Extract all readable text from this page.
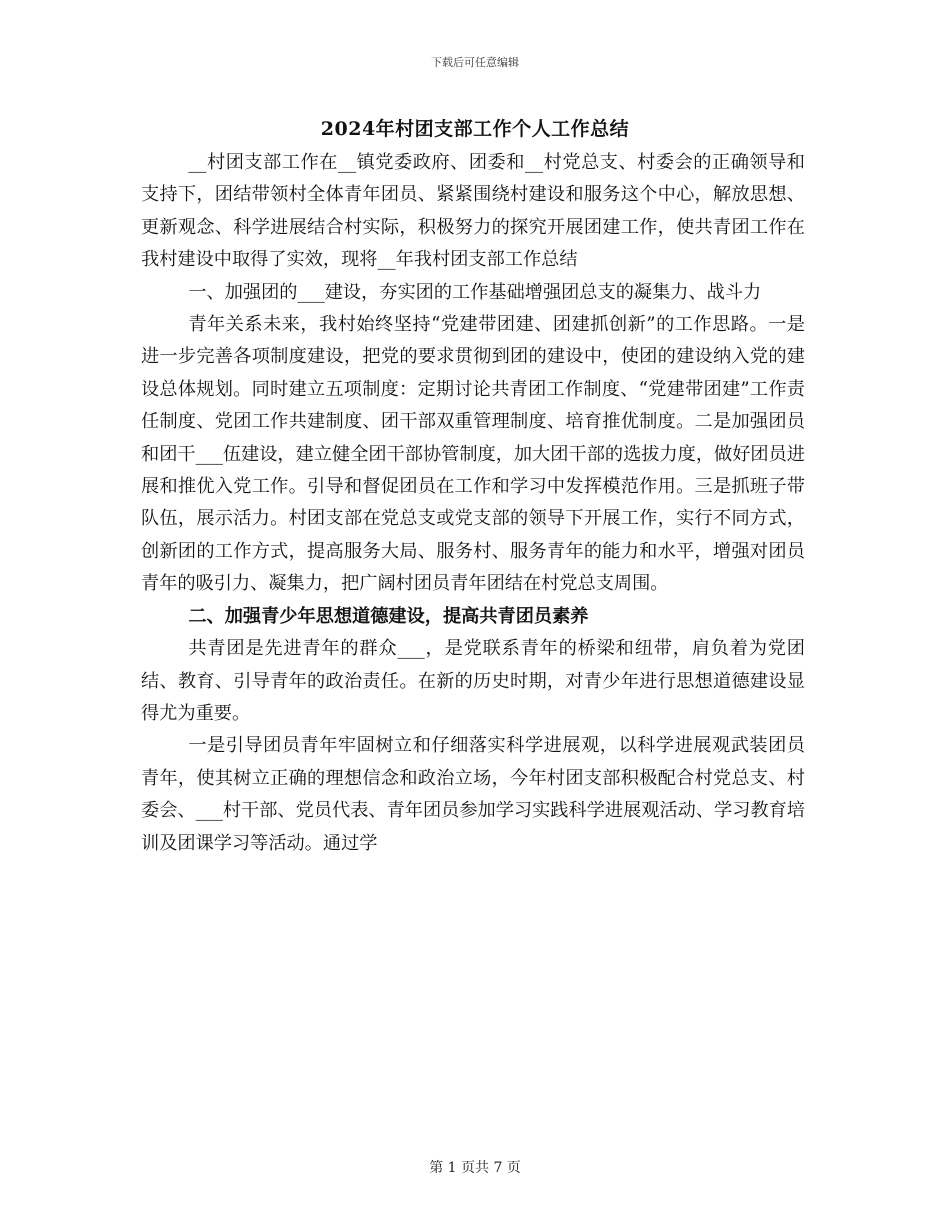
下载后可任意编辑
2024年村团支部工作个人工作总结

__村团支部工作在__镇党委政府、团委和__村党总支、村委会的正确领导和支持下，团结带领村全体青年团员、紧紧围绕村建设和服务这个中心，解放思想、更新观念、科学进展结合村实际，积极努力的探究开展团建工作，使共青团工作在我村建设中取得了实效，现将__年我村团支部工作总结

一、加强团的___建设，夯实团的工作基础增强团总支的凝集力、战斗力

青年关系未来，我村始终坚持“党建带团建、团建抓创新”的工作思路。一是进一步完善各项制度建设，把党的要求贯彻到团的建设中，使团的建设纳入党的建设总体规划。同时建立五项制度：定期讨论共青团工作制度、“党建带团建”工作责任制度、党团工作共建制度、团干部双重管理制度、培育推优制度。二是加强团员和团干___伍建设，建立健全团干部协管制度，加大团干部的选拔力度，做好团员进展和推优入党工作。引导和督促团员在工作和学习中发挥模范作用。三是抓班子带队伍，展示活力。村团支部在党总支或党支部的领导下开展工作，实行不同方式，创新团的工作方式，提高服务大局、服务村、服务青年的能力和水平，增强对团员青年的吸引力、凝集力，把广阔村团员青年团结在村党总支周围。

二、加强青少年思想道德建设，提高共青团员素养

共青团是先进青年的群众___，是党联系青年的桥梁和纽带，肩负着为党团结、教育、引导青年的政治责任。在新的历史时期，对青少年进行思想道德建设显得尤为重要。

一是引导团员青年牢固树立和仔细落实科学进展观，以科学进展观武装团员青年，使其树立正确的理想信念和政治立场，今年村团支部积极配合村党总支、村委会、___村干部、党员代表、青年团员参加学习实践科学进展观活动、学习教育培训及团课学习等活动。通过学

第 1 页共 7 页
